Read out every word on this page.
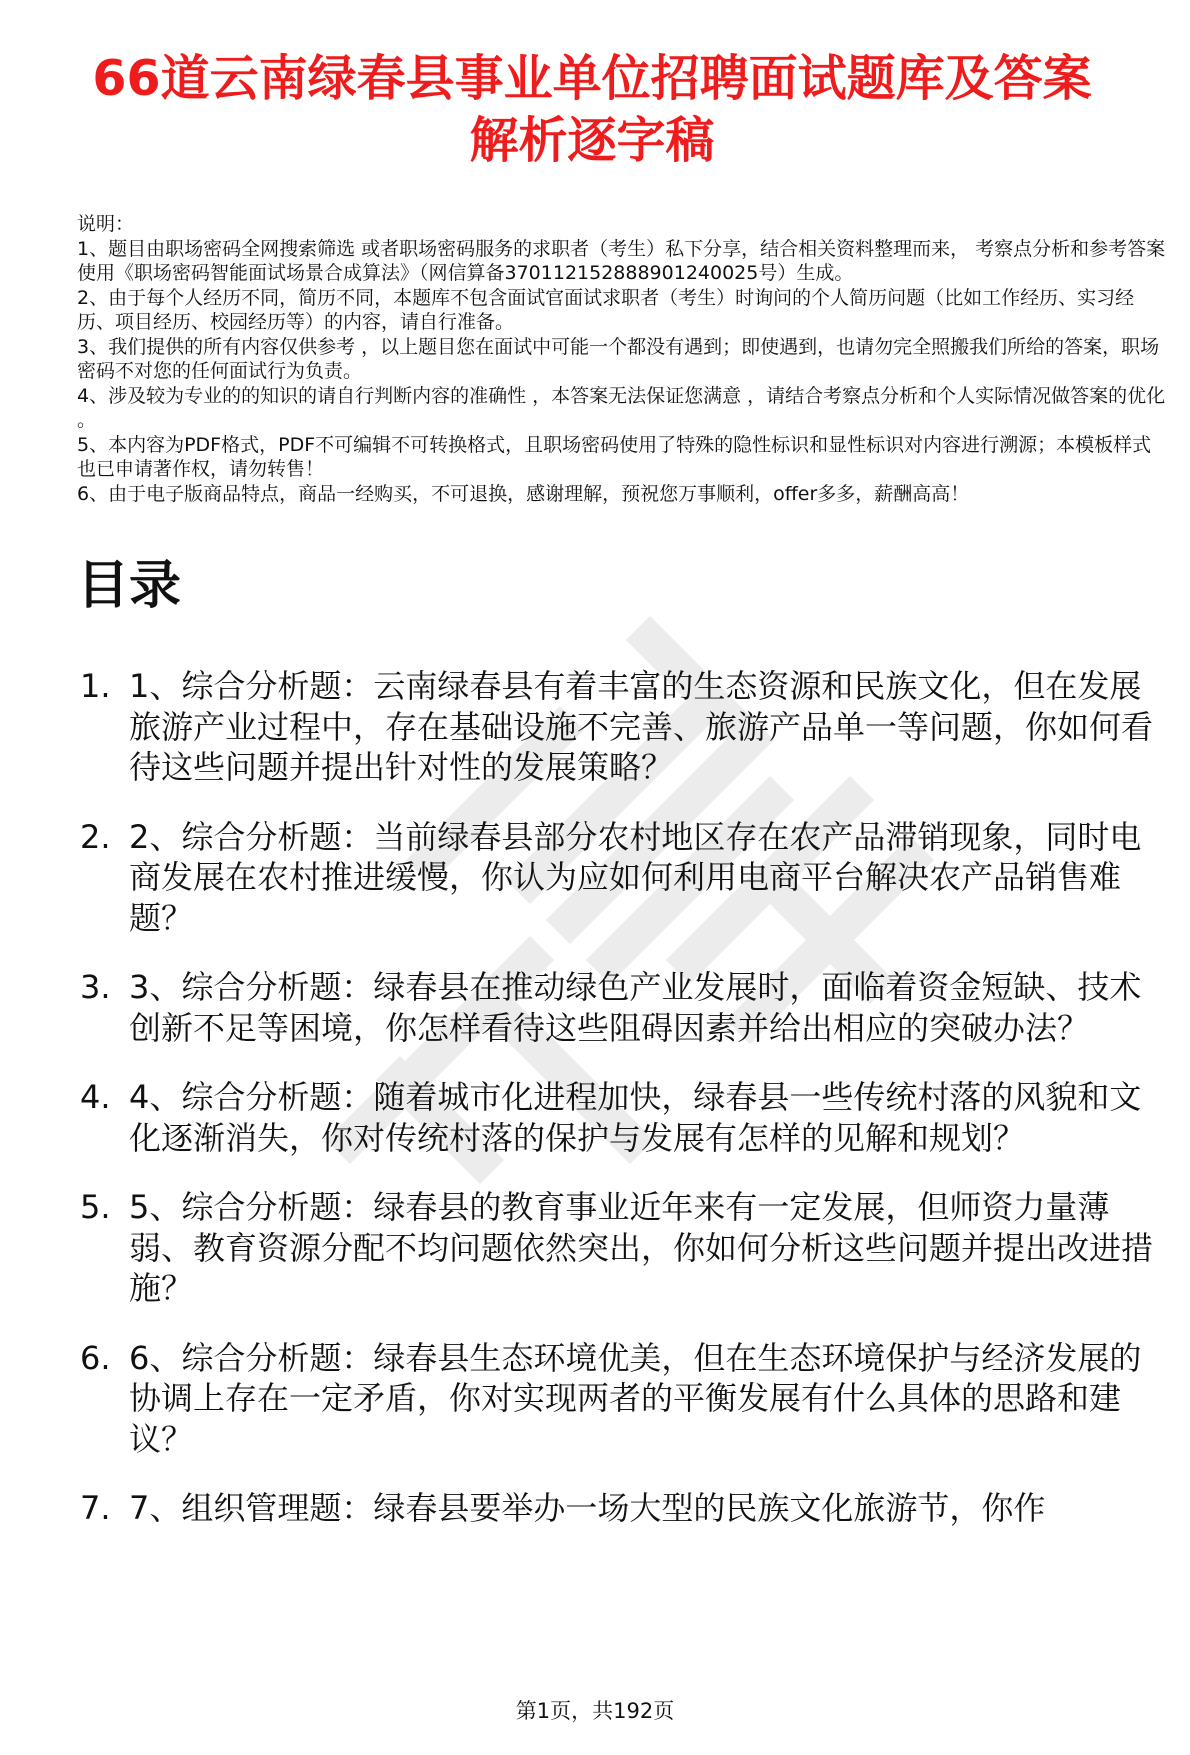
66道云南绿春县事业单位招聘面试题库及答案
解析逐字稿
说明：
1、题目由职场密码全网搜索筛选 或者职场密码服务的求职者（考生）私下分享，结合相关资料整理而来， 考察点分析和参考答案使用《职场密码智能面试场景合成算法》（网信算备370112152888901240025号）生成。
2、由于每个人经历不同，简历不同，本题库不包含面试官面试求职者（考生）时询问的个人简历问题（比如工作经历、实习经历、项目经历、校园经历等）的内容，请自行准备。
3、我们提供的所有内容仅供参考 ，以上题目您在面试中可能一个都没有遇到；即使遇到，也请勿完全照搬我们所给的答案，职场密码不对您的任何面试行为负责。
4、涉及较为专业的的知识的请自行判断内容的准确性 ，本答案无法保证您满意 ，请结合考察点分析和个人实际情况做答案的优化 。
5、本内容为PDF格式，PDF不可编辑不可转换格式，且职场密码使用了特殊的隐性标识和显性标识对内容进行溯源；本模板样式也已申请著作权，请勿转售！
6、由于电子版商品特点，商品一经购买，不可退换，感谢理解，预祝您万事顺利，offer多多，薪酬高高！
目录
1. 1、综合分析题：云南绿春县有着丰富的生态资源和民族文化，但在发展旅游产业过程中，存在基础设施不完善、旅游产品单一等问题，你如何看待这些问题并提出针对性的发展策略？
2. 2、综合分析题：当前绿春县部分农村地区存在农产品滞销现象，同时电商发展在农村推进缓慢，你认为应如何利用电商平台解决农产品销售难题？
3. 3、综合分析题：绿春县在推动绿色产业发展时，面临着资金短缺、技术创新不足等困境，你怎样看待这些阻碍因素并给出相应的突破办法？
4. 4、综合分析题：随着城市化进程加快，绿春县一些传统村落的风貌和文化逐渐消失，你对传统村落的保护与发展有怎样的见解和规划？
5. 5、综合分析题：绿春县的教育事业近年来有一定发展，但师资力量薄弱、教育资源分配不均问题依然突出，你如何分析这些问题并提出改进措施？
6. 6、综合分析题：绿春县生态环境优美，但在生态环境保护与经济发展的协调上存在一定矛盾，你对实现两者的平衡发展有什么具体的思路和建议？
7. 7、组织管理题：绿春县要举办一场大型的民族文化旅游节，你作
第1页，共192页
